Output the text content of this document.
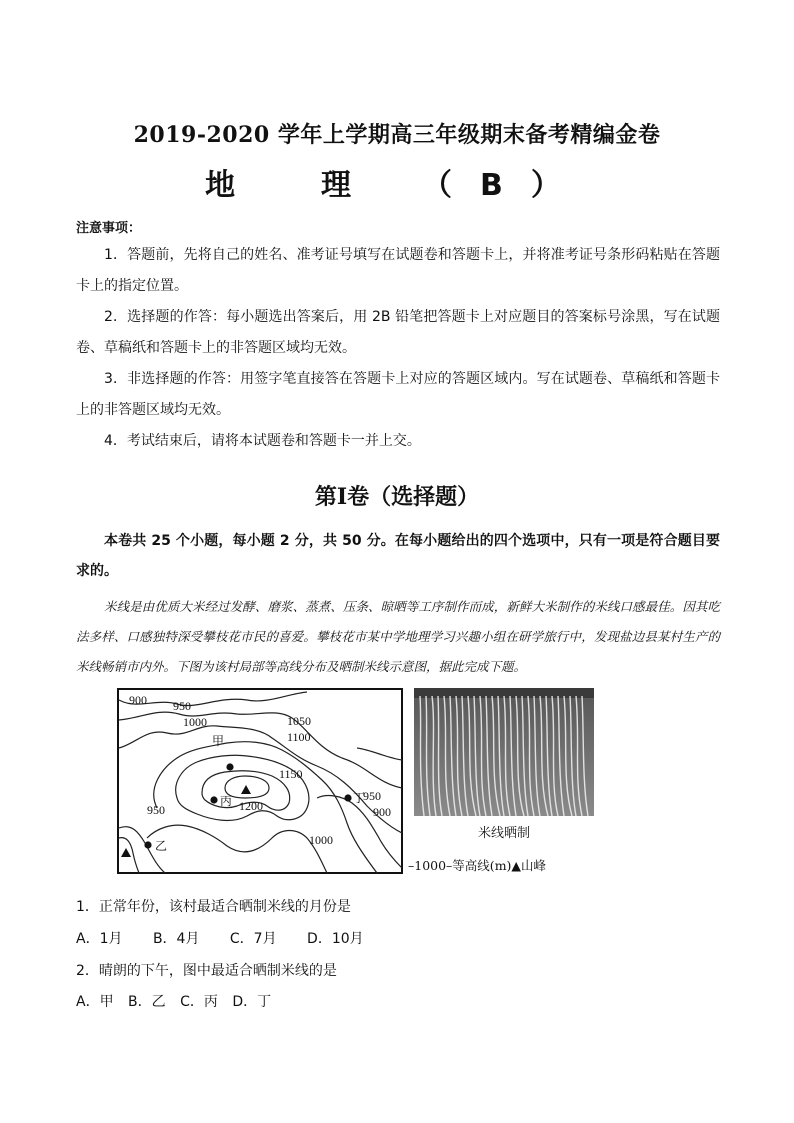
2019-2020 学年上学期高三年级期末备考精编金卷
地　理　（B）
注意事项：

1．答题前，先将自己的姓名、准考证号填写在试题卷和答题卡上，并将准考证号条形码粘贴在答题卡上的指定位置。

2．选择题的作答：每小题选出答案后，用 2B 铅笔把答题卡上对应题目的答案标号涂黑，写在试题卷、草稿纸和答题卡上的非答题区域均无效。

3．非选择题的作答：用签字笔直接答在答题卡上对应的答题区域内。写在试题卷、草稿纸和答题卡上的非答题区域均无效。

4．考试结束后，请将本试题卷和答题卡一并上交。

第Ⅰ卷（选择题）
本卷共 25 个小题，每小题 2 分，共 50 分。在每小题给出的四个选项中，只有一项是符合题目要求的。
米线是由优质大米经过发酵、磨浆、蒸煮、压条、晾晒等工序制作而成，新鲜大米制作的米线口感最佳。因其吃法多样、口感独特深受攀枝花市民的喜爱。攀枝花市某中学地理学习兴趣小组在研学旅行中，发现盐边县某村生产的米线畅销市内外。下图为该村局部等高线分布及晒制米线示意图，据此完成下题。
900 950
1000	1050
1100
1150
1200
950
950
900
1000
甲
乙
丙	丁
米线晒制
–1000–等高线(m)▲山峰
1．正常年份，该村最适合晒制米线的月份是
A．1月 B．4月 C．7月 D．10月
2．晴朗的下午，图中最适合晒制米线的是
A．甲 B．乙 C．丙 D．丁
